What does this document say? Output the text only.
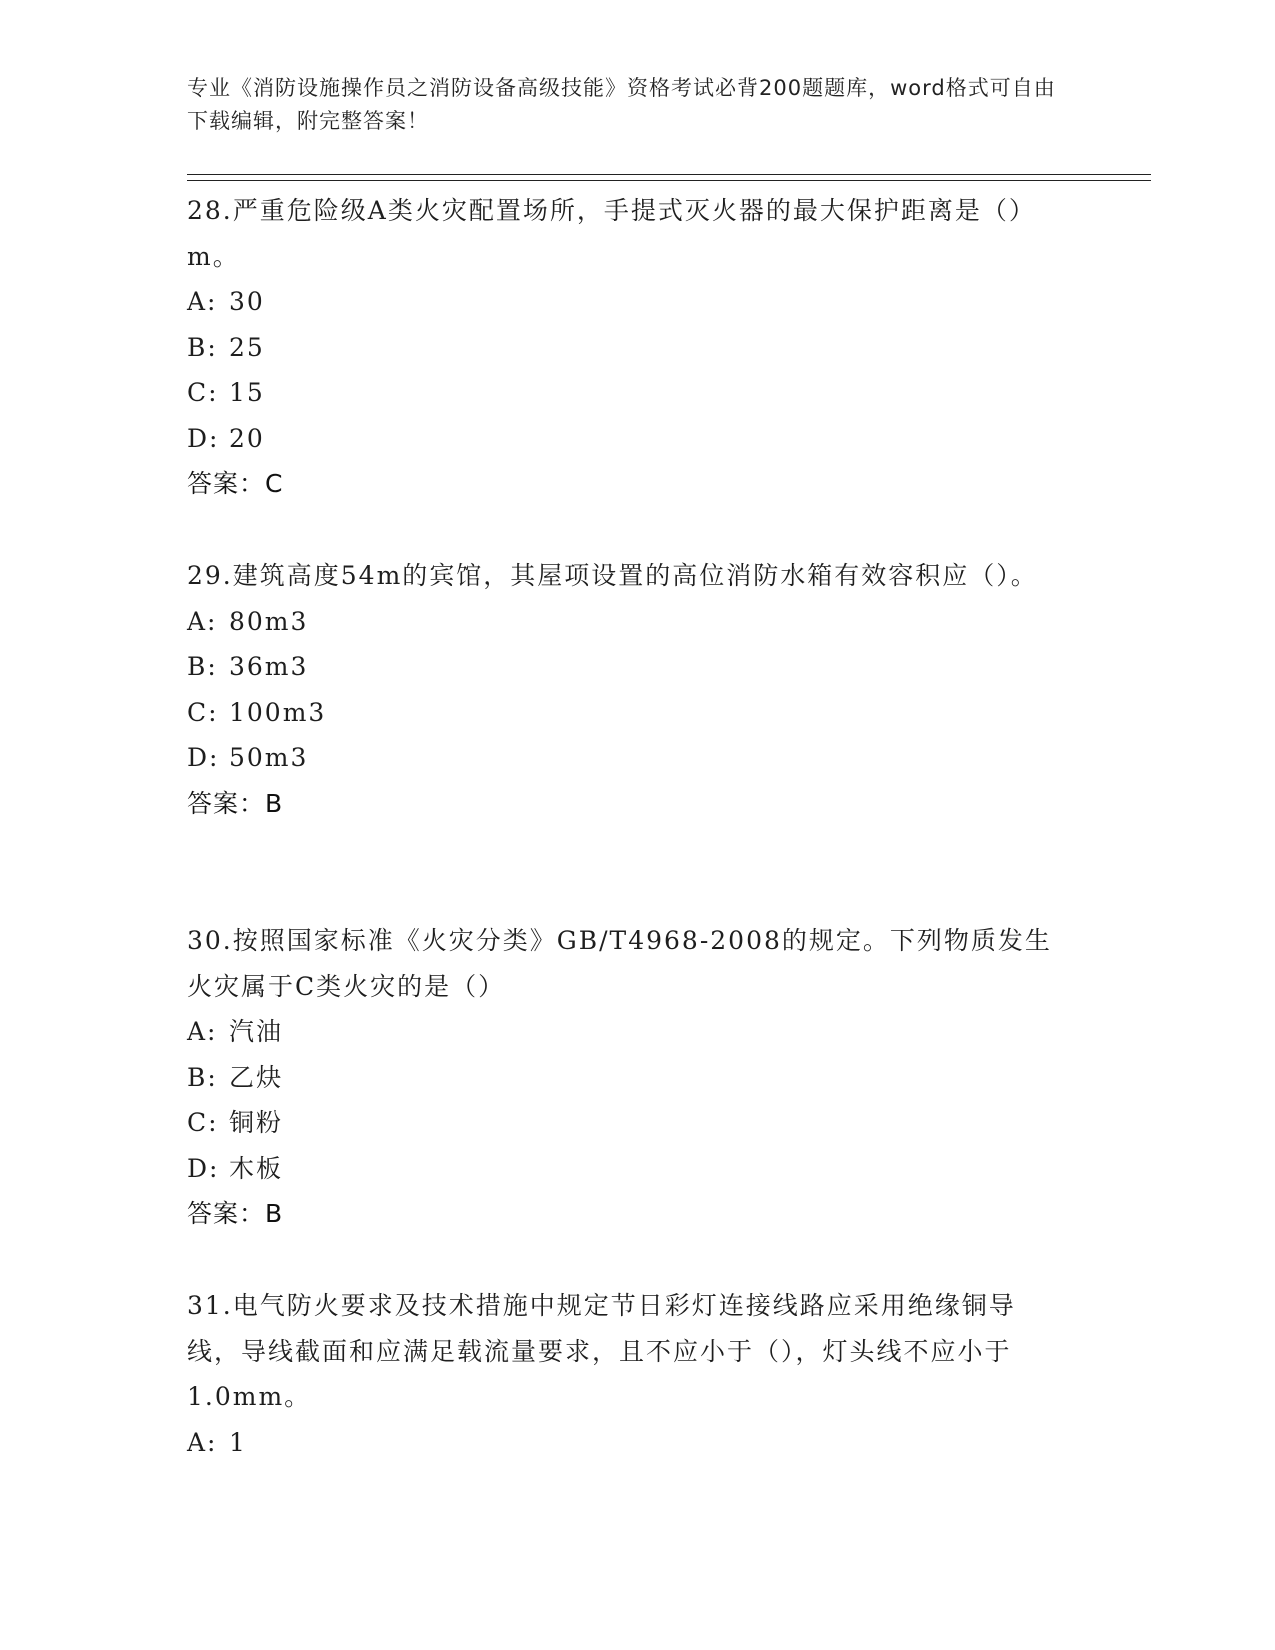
专业《消防设施操作员之消防设备高级技能》资格考试必背200题题库，word格式可自由下载编辑，附完整答案！

28.严重危险级A类火灾配置场所，手提式灭火器的最大保护距离是（）m。

A: 30

B: 25

C: 15

D: 20

答案：C

29.建筑高度54m的宾馆，其屋项设置的高位消防水箱有效容积应（）。

A: 80m3

B: 36m3

C: 100m3

D: 50m3

答案：B

30.按照国家标准《火灾分类》GB/T4968-2008的规定。下列物质发生火灾属于C类火灾的是（）

A: 汽油

B: 乙炔

C: 铜粉

D: 木板

答案：B

31.电气防火要求及技术措施中规定节日彩灯连接线路应采用绝缘铜导线，导线截面和应满足载流量要求，且不应小于（），灯头线不应小于1.0mm。

A: 1
